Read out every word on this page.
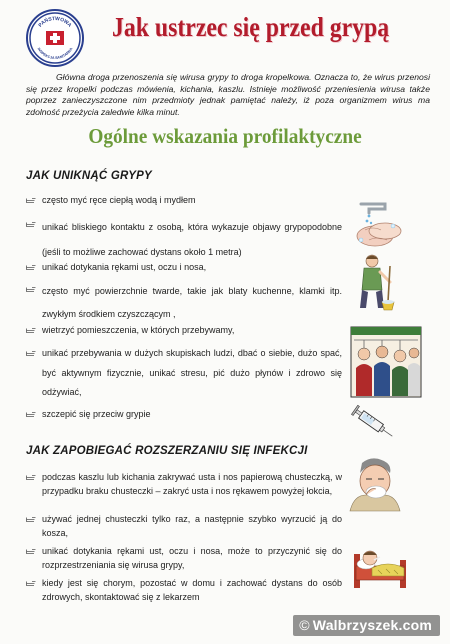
PAŃSTWOWA
INSPEKCJA SANITARNA
Jak ustrzec się przed grypą

Główna droga przenoszenia się wirusa grypy to droga kropelkowa. Oznacza to, że wirus przenosi się przez kropelki podczas mówienia, kichania, kaszlu. Istnieje możliwość przeniesienia wirusa także poprzez zanieczyszczone nim przedmioty jednak pamiętać należy, iż poza organizmem wirus ma zdolność przeżycia zaledwie kilka minut.

Ogólne wskazania profilaktyczne
JAK UNIKNĄĆ GRYPY
często myć ręce ciepłą wodą i mydłem
unikać bliskiego kontaktu z osobą, która wykazuje objawy grypopodobne (jeśli to możliwe zachować dystans około 1 metra)
unikać dotykania rękami ust, oczu i nosa,
często myć powierzchnie twarde, takie jak blaty kuchenne, klamki itp. zwykłym środkiem czyszczącym ,
wietrzyć pomieszczenia, w których przebywamy,
unikać przebywania w dużych skupiskach ludzi, dbać o siebie, dużo spać, być aktywnym fizycznie, unikać stresu, pić dużo płynów i zdrowo się odżywiać,
szczepić się przeciw grypie
JAK ZAPOBIEGAĆ ROZSZERZANIU SIĘ INFEKCJI
podczas kaszlu lub kichania zakrywać usta i nos papierową chusteczką, w przypadku braku chusteczki – zakryć usta i nos rękawem powyżej łokcia,
używać jednej chusteczki tylko raz, a następnie szybko wyrzucić ją do kosza,
unikać dotykania rękami ust, oczu i nosa, może to przyczynić się do rozprzestrzeniania się wirusa grypy,
kiedy jest się chorym, pozostać w domu i zachować dystans do osób zdrowych, skontaktować się z lekarzem
© Walbrzyszek.com
